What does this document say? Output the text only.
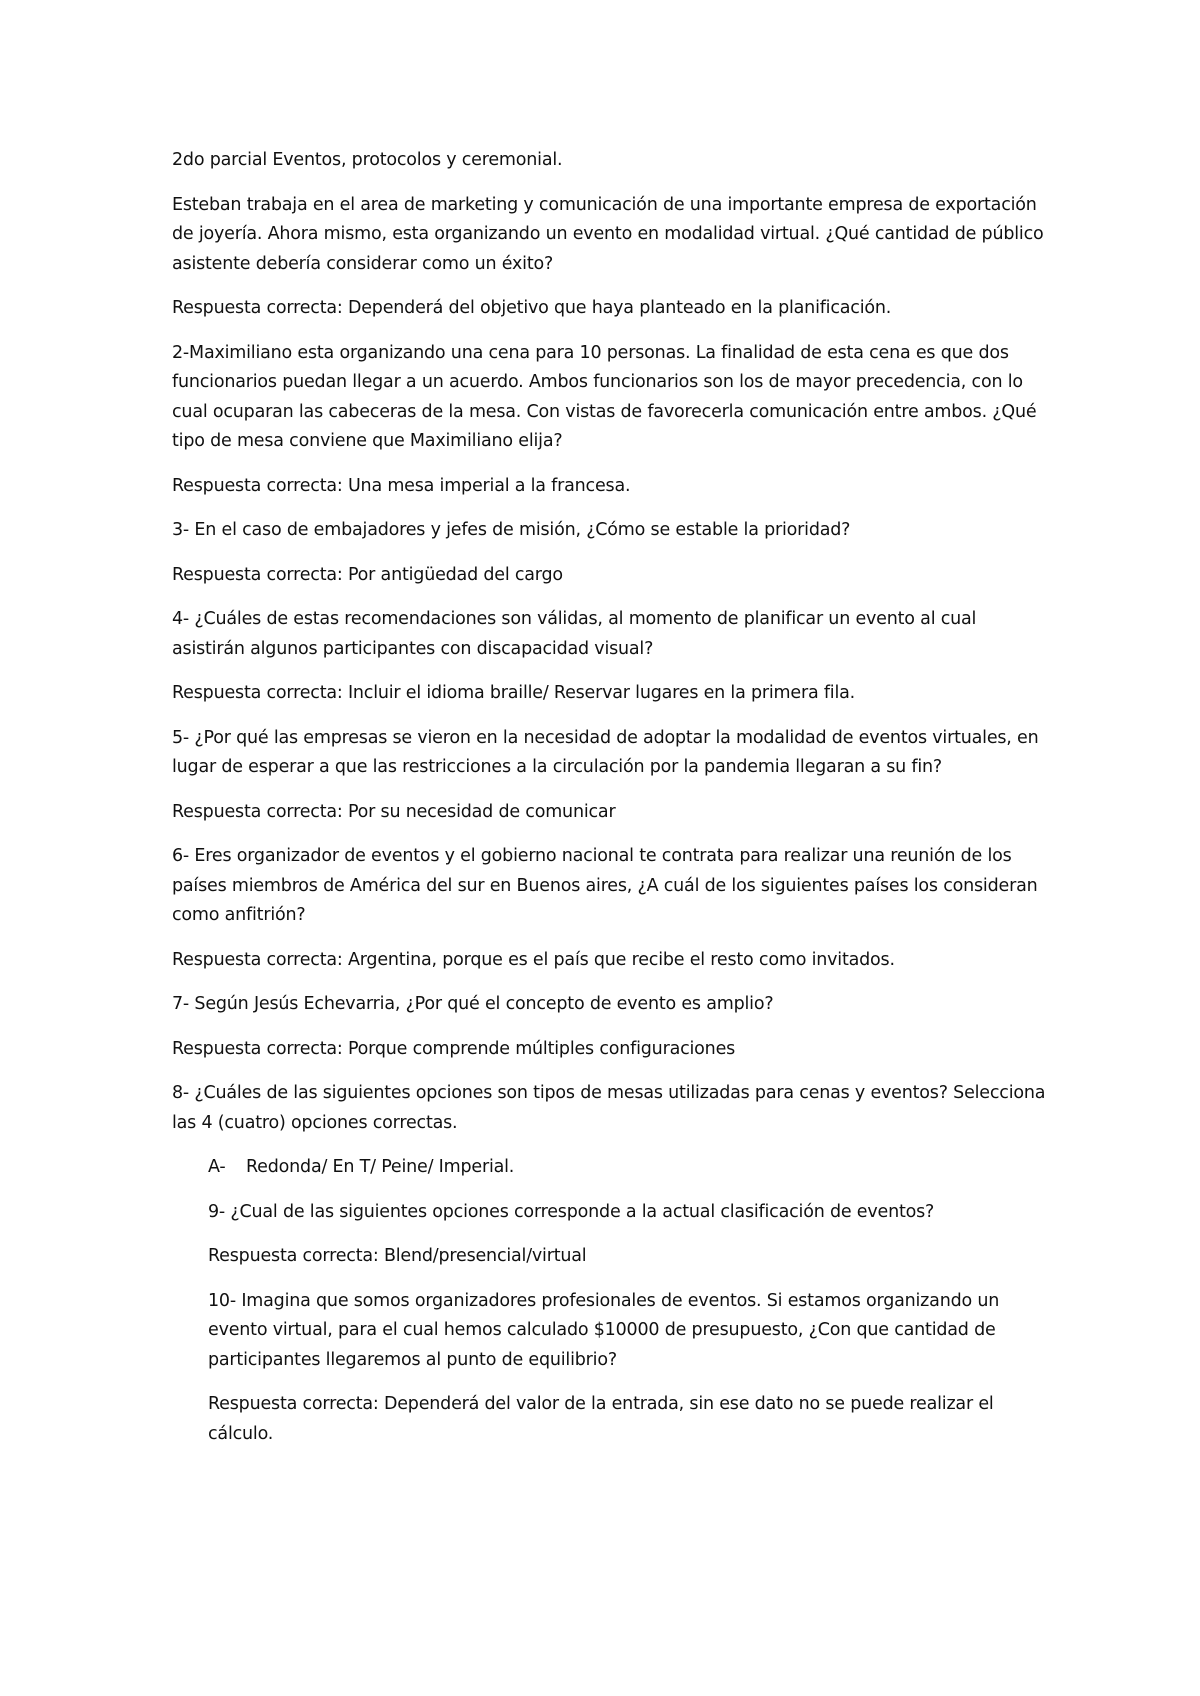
2do parcial Eventos, protocolos y ceremonial.

Esteban trabaja en el area de marketing y comunicación de una importante empresa de exportación de joyería. Ahora mismo, esta organizando un evento en modalidad virtual. ¿Qué cantidad de público asistente debería considerar como un éxito?

Respuesta correcta: Dependerá del objetivo que haya planteado en la planificación.

2-Maximiliano esta organizando una cena para 10 personas. La finalidad de esta cena es que dos funcionarios puedan llegar a un acuerdo. Ambos funcionarios son los de mayor precedencia, con lo cual ocuparan las cabeceras de la mesa. Con vistas de favorecerla comunicación entre ambos. ¿Qué tipo de mesa conviene que Maximiliano elija?

Respuesta correcta: Una mesa imperial a la francesa.

3- En el caso de embajadores y jefes de misión, ¿Cómo se estable la prioridad?

Respuesta correcta: Por antigüedad del cargo

4- ¿Cuáles de estas recomendaciones son válidas, al momento de planificar un evento al cual asistirán algunos participantes con discapacidad visual?

Respuesta correcta: Incluir el idioma braille/ Reservar lugares en la primera fila.

5- ¿Por qué las empresas se vieron en la necesidad de adoptar la modalidad de eventos virtuales, en lugar de esperar a que las restricciones a la circulación por la pandemia llegaran a su fin?

Respuesta correcta: Por su necesidad de comunicar

6- Eres organizador de eventos y el gobierno nacional te contrata para realizar una reunión de los países miembros de América del sur en Buenos aires, ¿A cuál de los siguientes países los consideran como anfitrión?

Respuesta correcta: Argentina, porque es el país que recibe el resto como invitados.

7- Según Jesús Echevarria, ¿Por qué el concepto de evento es amplio?

Respuesta correcta: Porque comprende múltiples configuraciones

8- ¿Cuáles de las siguientes opciones son tipos de mesas utilizadas para cenas y eventos? Selecciona las 4 (cuatro) opciones correctas.

A-	Redonda/ En T/ Peine/ Imperial.

9- ¿Cual de las siguientes opciones corresponde a la actual clasificación de eventos?

Respuesta correcta: Blend/presencial/virtual

10- Imagina que somos organizadores profesionales de eventos. Si estamos organizando un evento virtual, para el cual hemos calculado $10000 de presupuesto, ¿Con que cantidad de participantes llegaremos al punto de equilibrio?

Respuesta correcta: Dependerá del valor de la entrada, sin ese dato no se puede realizar el cálculo.
